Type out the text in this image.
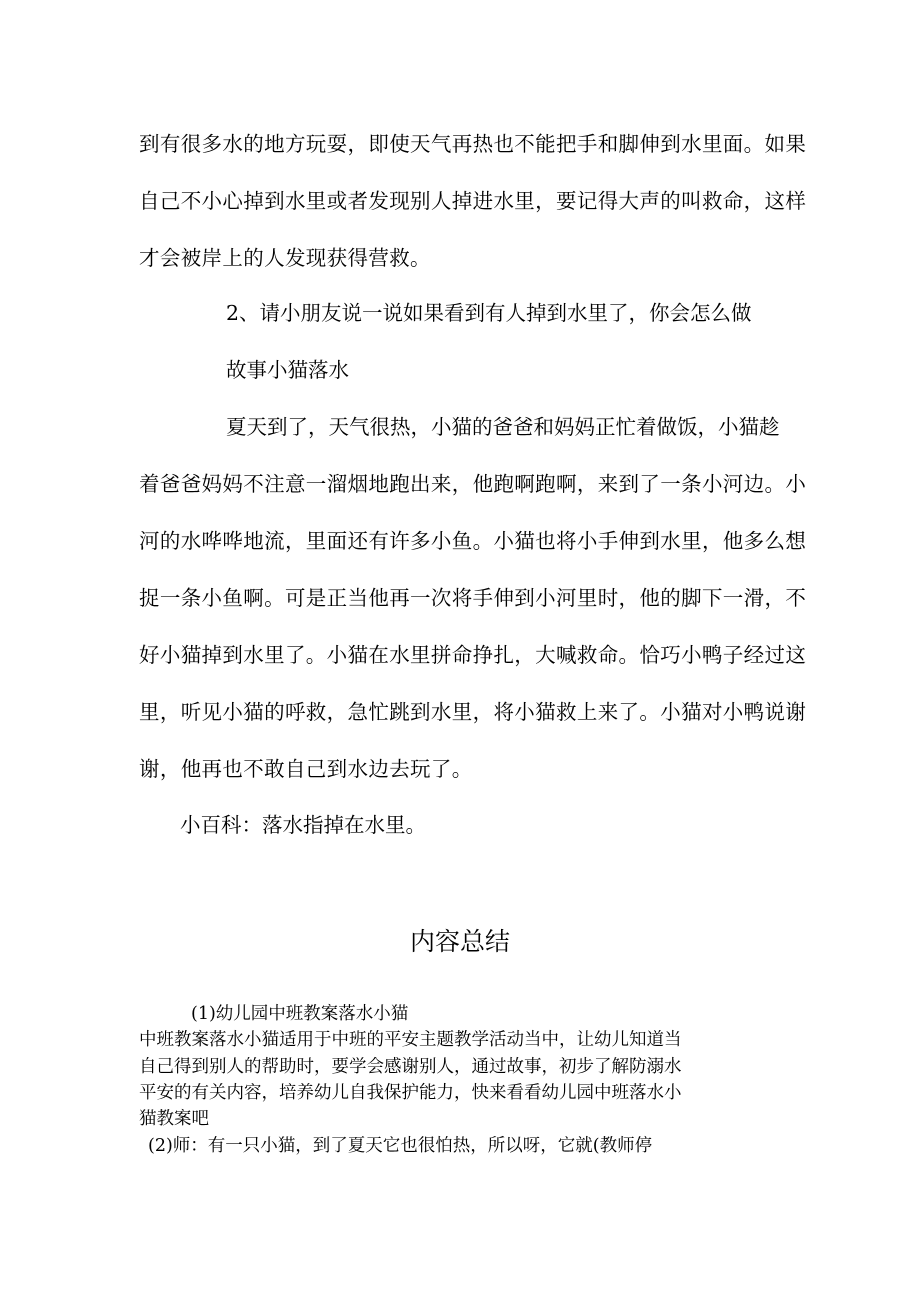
到有很多水的地方玩耍，即使天气再热也不能把手和脚伸到水里面。如果
自己不小心掉到水里或者发现别人掉进水里，要记得大声的叫救命，这样
才会被岸上的人发现获得营救。
2、请小朋友说一说如果看到有人掉到水里了，你会怎么做
故事小猫落水
夏天到了，天气很热，小猫的爸爸和妈妈正忙着做饭，小猫趁
着爸爸妈妈不注意一溜烟地跑出来，他跑啊跑啊，来到了一条小河边。小
河的水哗哗地流，里面还有许多小鱼。小猫也将小手伸到水里，他多么想
捉一条小鱼啊。可是正当他再一次将手伸到小河里时，他的脚下一滑，不
好小猫掉到水里了。小猫在水里拼命挣扎，大喊救命。恰巧小鸭子经过这
里，听见小猫的呼救，急忙跳到水里，将小猫救上来了。小猫对小鸭说谢
谢，他再也不敢自己到水边去玩了。
小百科：落水指掉在水里。
内容总结
(1)幼儿园中班教案落水小猫
中班教案落水小猫适用于中班的平安主题教学活动当中，让幼儿知道当
自己得到别人的帮助时，要学会感谢别人，通过故事，初步了解防溺水
平安的有关内容，培养幼儿自我保护能力，快来看看幼儿园中班落水小
猫教案吧
(2)师：有一只小猫，到了夏天它也很怕热，所以呀，它就(教师停
